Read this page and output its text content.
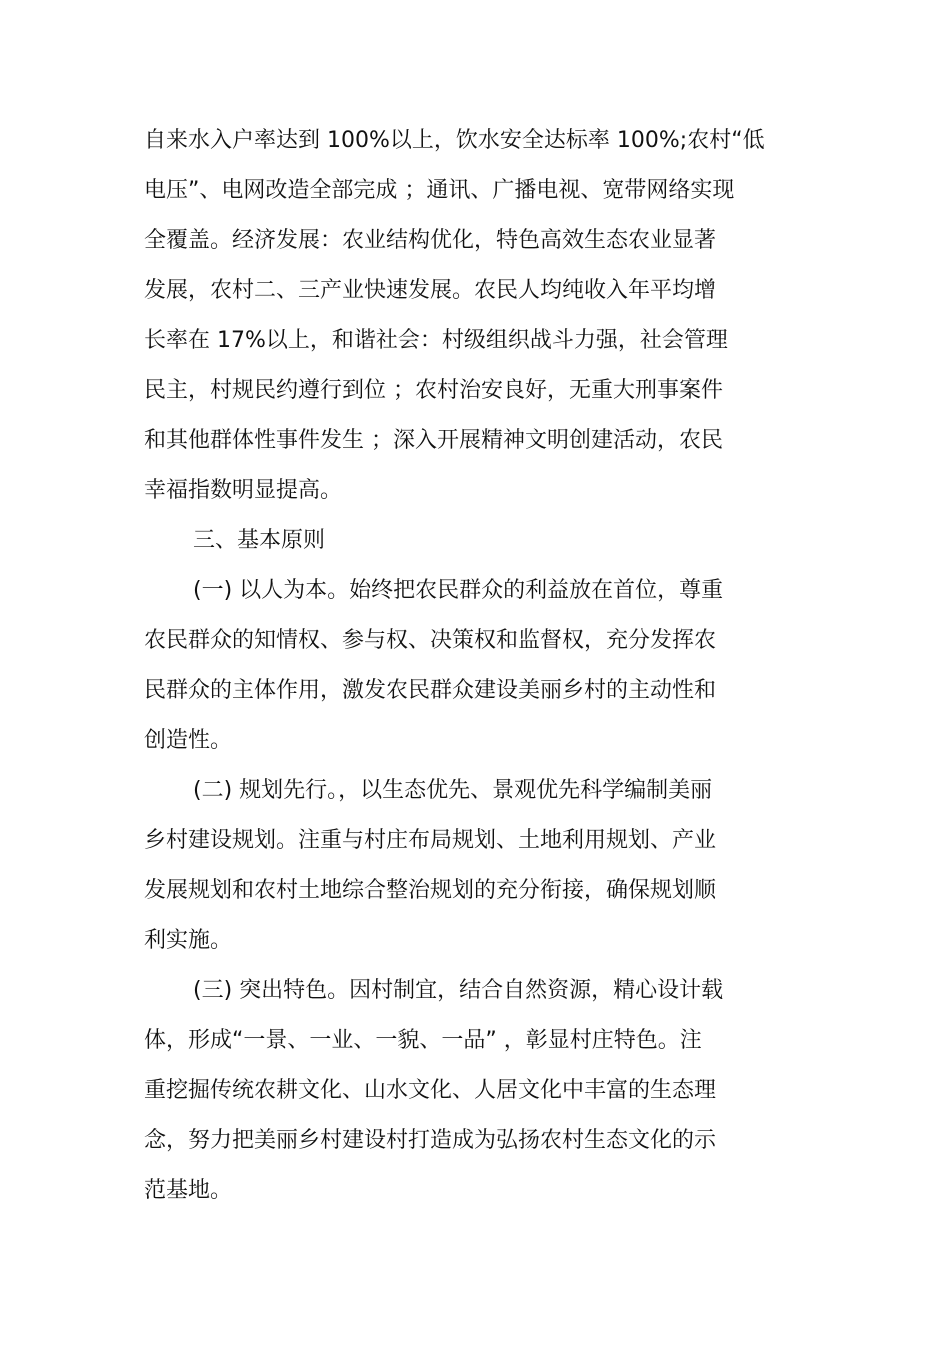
自来水入户率达到 100%以上，饮水安全达标率 100%;农村“低
电压”、电网改造全部完成 ；通讯、广播电视、宽带网络实现
全覆盖。经济发展：农业结构优化，特色高效生态农业显著
发展，农村二、三产业快速发展。农民人均纯收入年平均增
长率在 17%以上，和谐社会：村级组织战斗力强，社会管理
民主，村规民约遵行到位 ；农村治安良好，无重大刑事案件
和其他群体性事件发生 ；深入开展精神文明创建活动，农民
幸福指数明显提高。
三、基本原则
(一) 以人为本。始终把农民群众的利益放在首位，尊重
农民群众的知情权、参与权、决策权和监督权，充分发挥农
民群众的主体作用，激发农民群众建设美丽乡村的主动性和
创造性。
(二) 规划先行。，以生态优先、景观优先科学编制美丽
乡村建设规划。注重与村庄布局规划、土地利用规划、产业
发展规划和农村土地综合整治规划的充分衔接，确保规划顺
利实施。
(三) 突出特色。因村制宜，结合自然资源，精心设计载
体，形成“一景、一业、一貌、一品” ，彰显村庄特色。注
重挖掘传统农耕文化、山水文化、人居文化中丰富的生态理
念，努力把美丽乡村建设村打造成为弘扬农村生态文化的示
范基地。
